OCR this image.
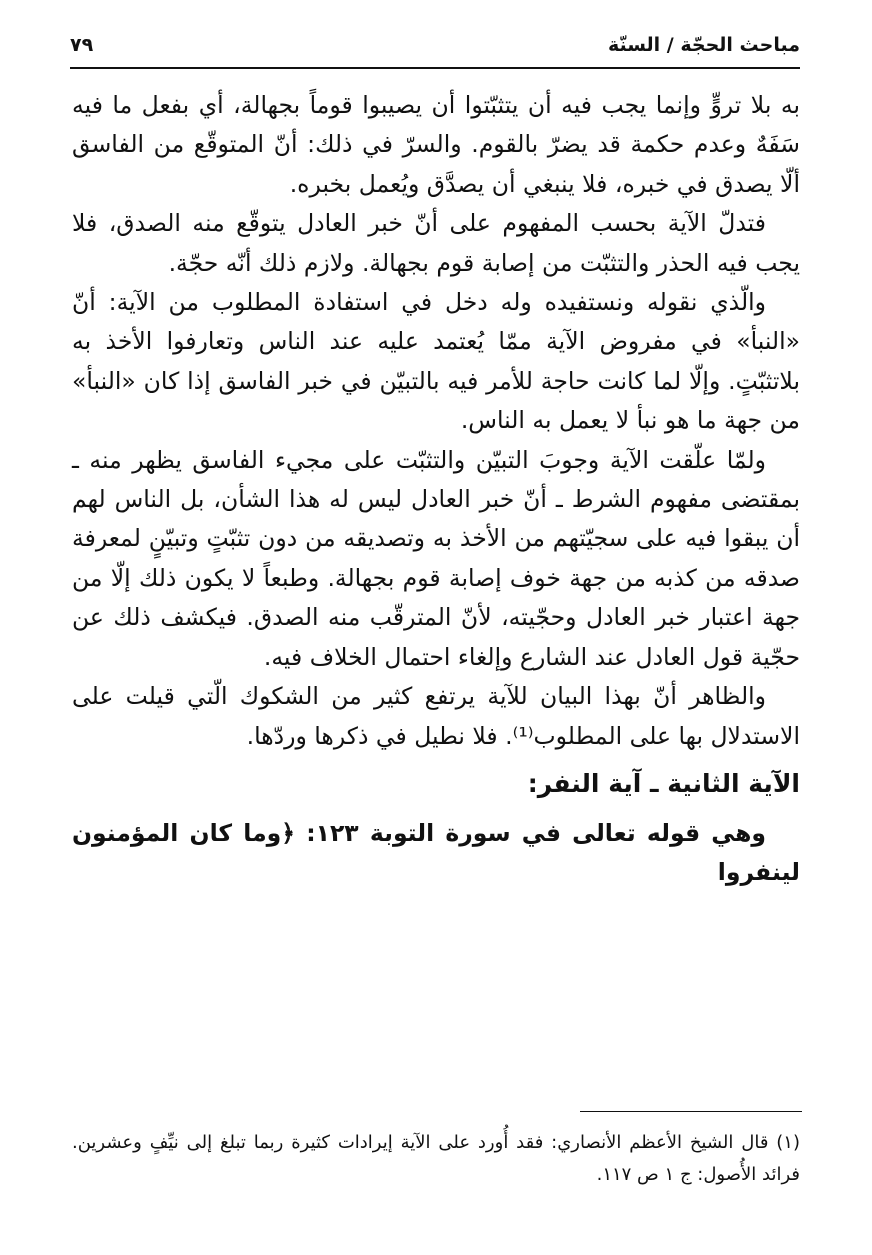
مباحث الحجّة / السنّة
٧٩

به بلا تروٍّ وإنما يجب فيه أن يتثبّتوا أن يصيبوا قوماً بجهالة، أي بفعل ما فيه سَفَهٌ وعدم حكمة قد يضرّ بالقوم. والسرّ في ذلك: أنّ المتوقّع من الفاسق ألّا يصدق في خبره، فلا ينبغي أن يصدَّق ويُعمل بخبره.

فتدلّ الآية بحسب المفهوم على أنّ خبر العادل يتوقّع منه الصدق، فلا يجب فيه الحذر والتثبّت من إصابة قوم بجهالة. ولازم ذلك أنّه حجّة.

والّذي نقوله ونستفيده وله دخل في استفادة المطلوب من الآية: أنّ «النبأ» في مفروض الآية ممّا يُعتمد عليه عند الناس وتعارفوا الأخذ به بلاتثبّتٍ. وإلّا لما كانت حاجة للأمر فيه بالتبيّن في خبر الفاسق إذا كان «النبأ» من جهة ما هو نبأ لا يعمل به الناس.

ولمّا علّقت الآية وجوبَ التبيّن والتثبّت على مجيء الفاسق يظهر منه ـ بمقتضى مفهوم الشرط ـ أنّ خبر العادل ليس له هذا الشأن، بل الناس لهم أن يبقوا فيه على سجيّتهم من الأخذ به وتصديقه من دون تثبّتٍ وتبيّنٍ لمعرفة صدقه من كذبه من جهة خوف إصابة قوم بجهالة. وطبعاً لا يكون ذلك إلّا من جهة اعتبار خبر العادل وحجّيته، لأنّ المترقّب منه الصدق. فيكشف ذلك عن حجّية قول العادل عند الشارع وإلغاء احتمال الخلاف فيه.

والظاهر أنّ بهذا البيان للآية يرتفع كثير من الشكوك الّتي قيلت على الاستدلال بها على المطلوب⁽¹⁾. فلا نطيل في ذكرها وردّها.

الآية الثانية ـ آية النفر:

وهي قوله تعالى في سورة التوبة ١٢٣: ﴿وما كان المؤمنون لينفروا

(١) قال الشيخ الأعظم الأنصاري: فقد أُورد على الآية إيرادات كثيرة ربما تبلغ إلى نيِّفٍ وعشرين. فرائد الأُصول: ج ١ ص ١١٧.
